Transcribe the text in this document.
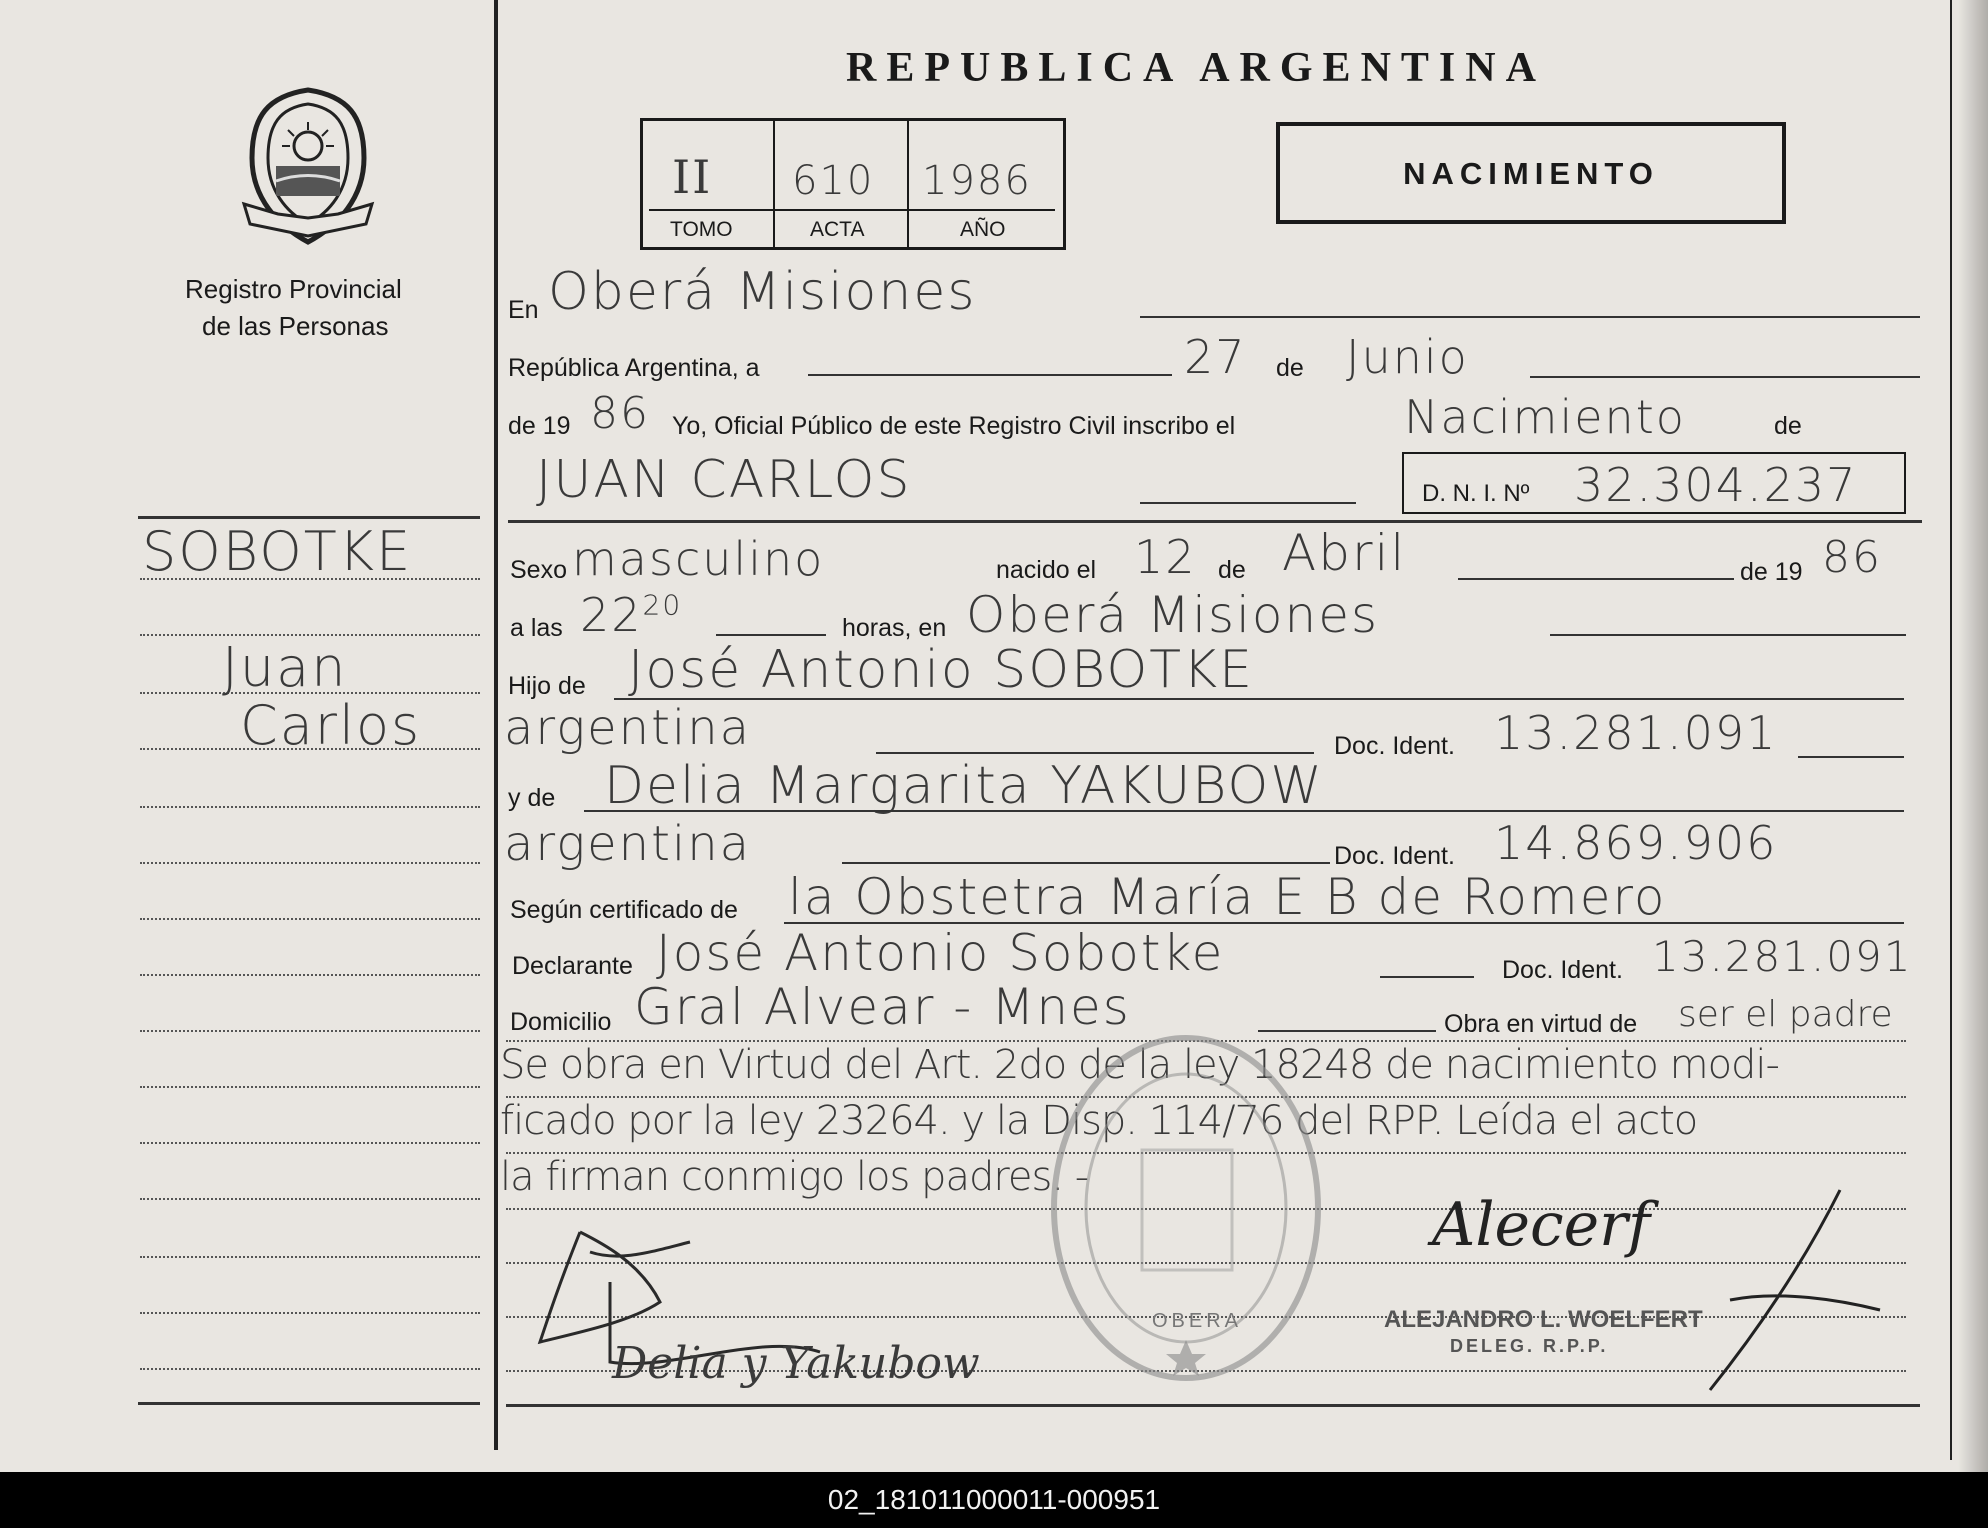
Registro Provincial
de las Personas
SOBOTKE
Juan
Carlos
REPUBLICA ARGENTINA
II 610 1986
TOMO	ACTA	AÑO
NACIMIENTO
En Oberá Misiones
República Argentina, a	27 de Junio
de 19 86 Yo, Oficial Público de este Registro Civil inscribo el	Nacimiento	de
JUAN CARLOS	D. N. I. Nº 32.304.237
Sexo masculino	nacido el 12 de Abril	de 19 86
a las $22^{20}$
horas, en Oberá Misiones
Hijo de José Antonio SOBOTKE
argentina	Doc. Ident. 13.281.091
y de Delia Margarita YAKUBOW
argentina	Doc. Ident. 14.869.906
Según certificado de la Obstetra María E B de Romero
Declarante José Antonio Sobotke	Doc. Ident. 13.281.091
Domicilio Gral Alvear - Mnes	Obra en virtud de ser el padre
Se obra en Virtud del Art. 2do de la ley 18248 de nacimiento modi-
ficado por la ley 23264. y la Disp. 114/76 del RPP. Leída el acto
la firman conmigo los padres. -
OBERA
Delia y Yakubow
Alecerf
ALEJANDRO L. WOELFERT
DELEG. R.P.P.
02_181011000011-000951
